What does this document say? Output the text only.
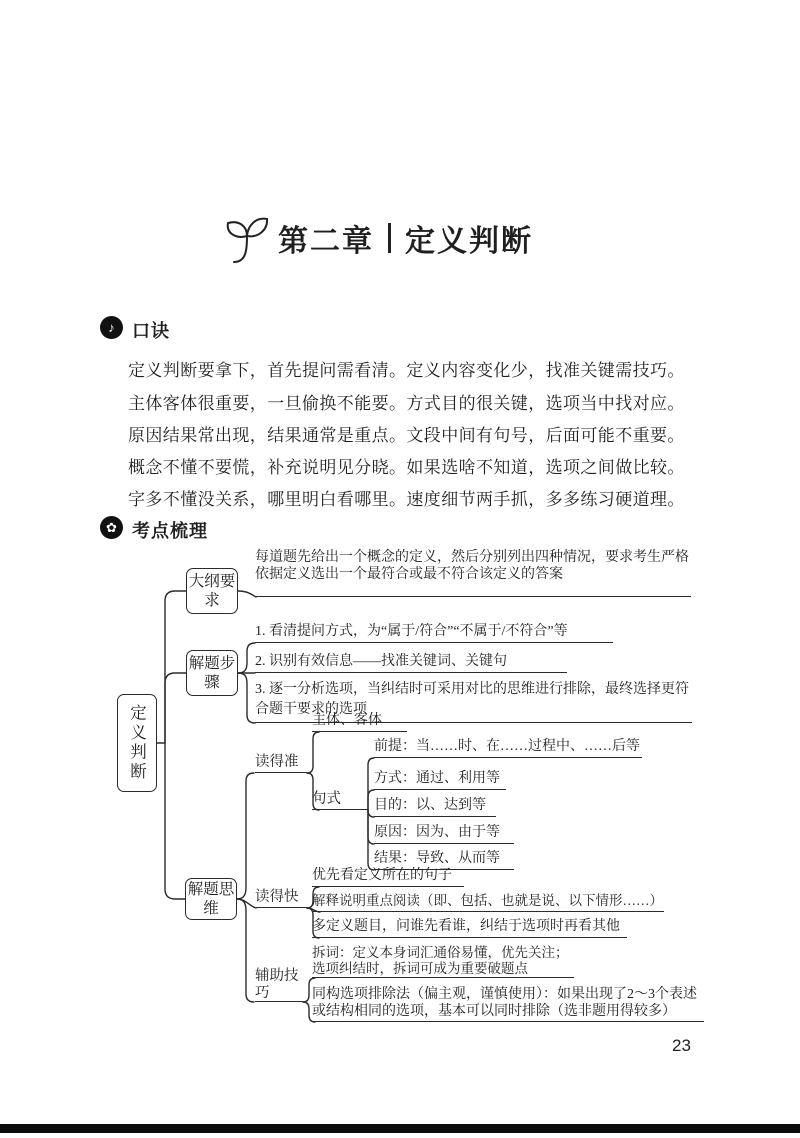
第二章 定义判断
♪ 口诀
定义判断要拿下，首先提问需看清。定义内容变化少，找准关键需技巧。
主体客体很重要，一旦偷换不能要。方式目的很关键，选项当中找对应。
原因结果常出现，结果通常是重点。文段中间有句号，后面可能不重要。
概念不懂不要慌，补充说明见分晓。如果选啥不知道，选项之间做比较。
字多不懂没关系，哪里明白看哪里。速度细节两手抓，多多练习硬道理。
✿ 考点梳理
定义判断
大纲要求
每道题先给出一个概念的定义，然后分别列出四种情况，要求考生严格依据定义选出一个最符合或最不符合该定义的答案
解题步骤
1. 看清提问方式，为“属于/符合”“不属于/不符合”等
2. 识别有效信息——找准关键词、关键句
3. 逐一分析选项，当纠结时可采用对比的思维进行排除，最终选择更符合题干要求的选项
解题思维
读得准
主体、客体
句式
前提：当……时、在……过程中、……后等
方式：通过、利用等
目的：以、达到等
原因：因为、由于等
结果：导致、从而等
读得快
优先看定义所在的句子
解释说明重点阅读（即、包括、也就是说、以下情形……）
多定义题目，问谁先看谁，纠结于选项时再看其他
辅助技巧
拆词：定义本身词汇通俗易懂，优先关注；选项纠结时，拆词可成为重要破题点
同构选项排除法（偏主观，谨慎使用）：如果出现了2～3个表述或结构相同的选项，基本可以同时排除（选非题用得较多）
23
